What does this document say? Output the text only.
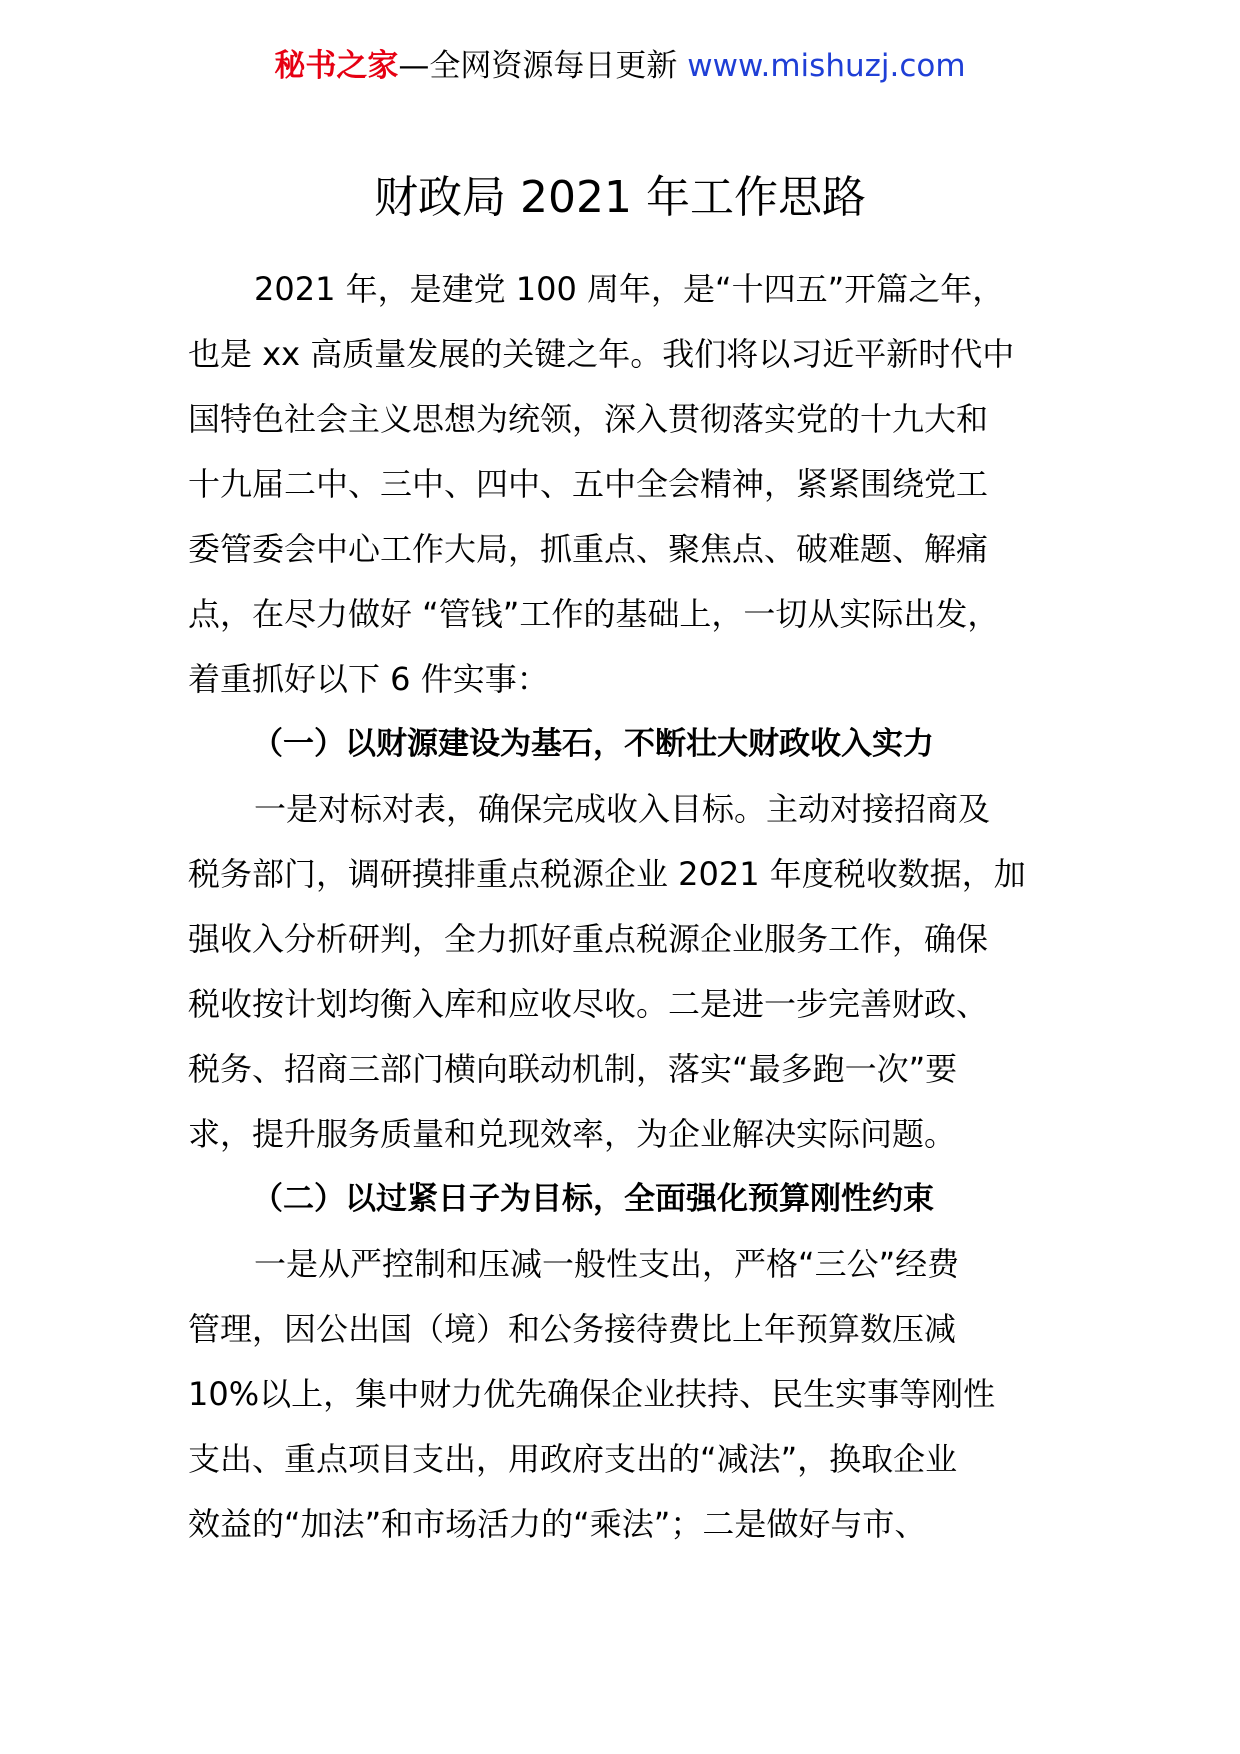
秘书之家—全网资源每日更新 www.mishuzj.com
财政局 2021 年工作思路
2021 年，是建党 100 周年，是“十四五”开篇之年，
也是 xx 高质量发展的关键之年。我们将以习近平新时代中
国特色社会主义思想为统领，深入贯彻落实党的十九大和
十九届二中、三中、四中、五中全会精神，紧紧围绕党工
委管委会中心工作大局，抓重点、聚焦点、破难题、解痛
点，在尽力做好 “管钱”工作的基础上，一切从实际出发，
着重抓好以下 6 件实事：
（一）以财源建设为基石，不断壮大财政收入实力
一是对标对表，确保完成收入目标。主动对接招商及
税务部门，调研摸排重点税源企业 2021 年度税收数据，加
强收入分析研判，全力抓好重点税源企业服务工作，确保
税收按计划均衡入库和应收尽收。二是进一步完善财政、
税务、招商三部门横向联动机制，落实“最多跑一次”要
求，提升服务质量和兑现效率，为企业解决实际问题。
（二）以过紧日子为目标，全面强化预算刚性约束
一是从严控制和压减一般性支出，严格“三公”经费
管理，因公出国（境）和公务接待费比上年预算数压减
10%以上，集中财力优先确保企业扶持、民生实事等刚性
支出、重点项目支出，用政府支出的“减法”，换取企业
效益的“加法”和市场活力的“乘法”；二是做好与市、
